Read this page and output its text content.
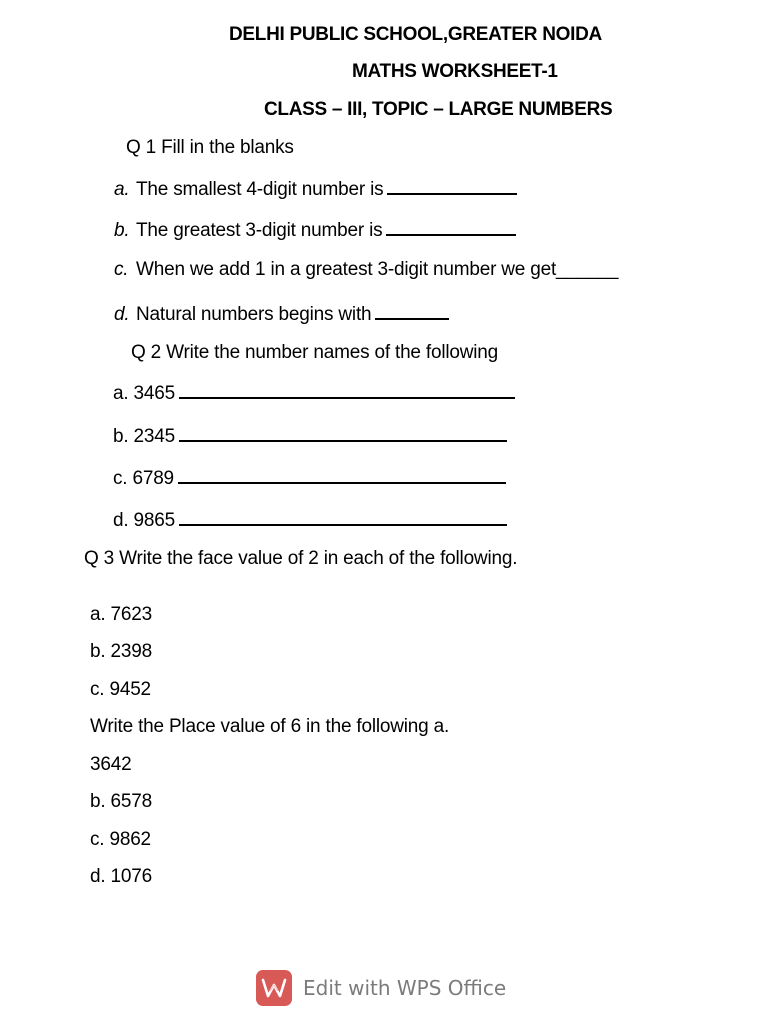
DELHI PUBLIC SCHOOL,GREATER NOIDA
MATHS WORKSHEET-1
CLASS – III, TOPIC – LARGE NUMBERS
Q 1 Fill in the blanks
a. The smallest 4-digit number is
b. The greatest 3-digit number is
c. When we add 1 in a greatest 3-digit number we get______
d. Natural numbers begins with
Q 2 Write the number names of the following
a. 3465
b. 2345
c. 6789
d. 9865
Q 3 Write the face value of 2 in each of the following.
a. 7623
b. 2398
c. 9452
Write the Place value of 6 in the following a.
3642
b. 6578
c. 9862
d. 1076
Edit with WPS Office
